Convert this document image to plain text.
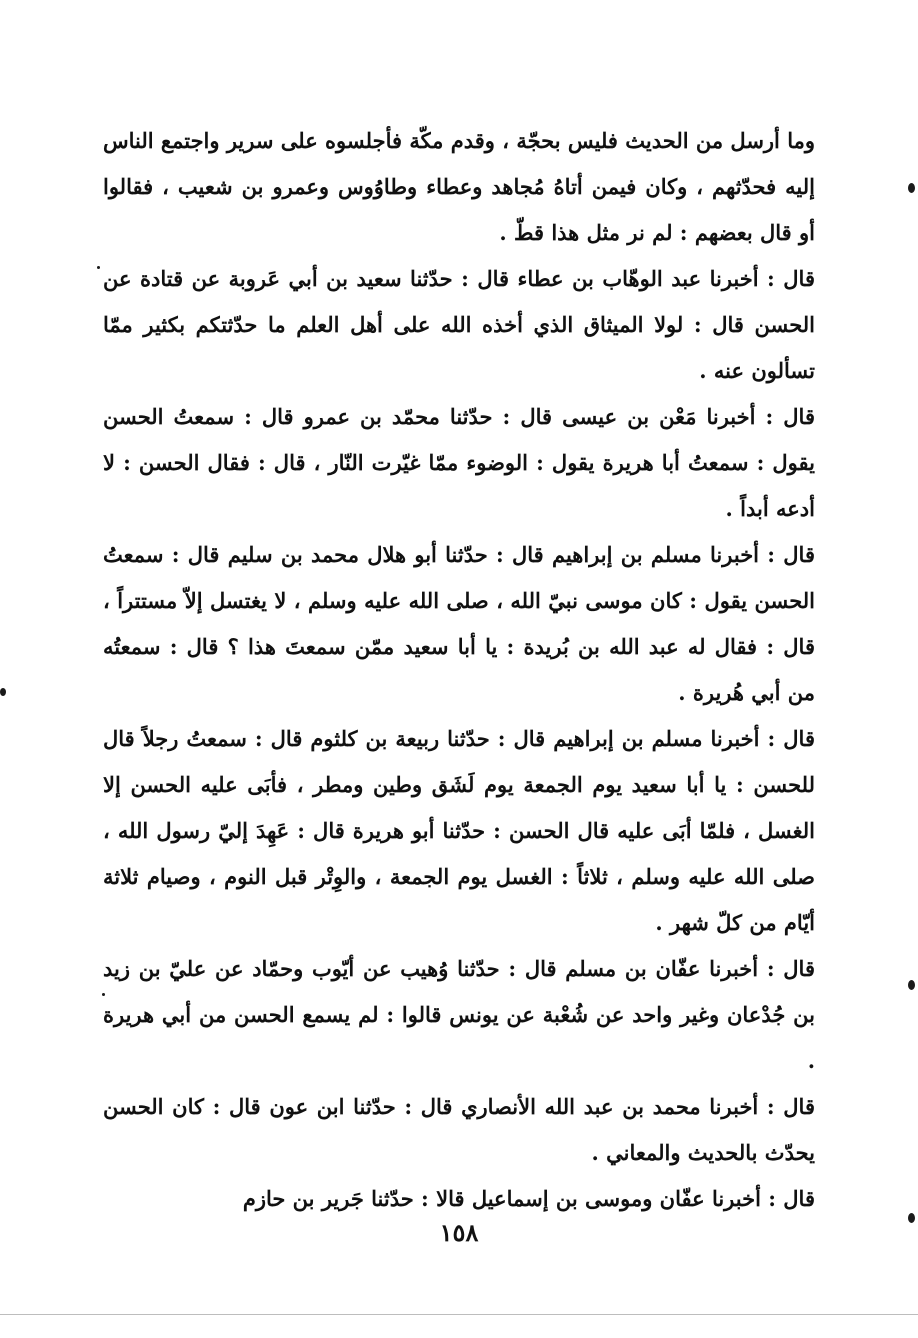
وما أرسل من الحديث فليس بحجّة ، وقدم مكّة فأجلسوه على سرير واجتمع الناس إليه فحدّثهم ، وكان فيمن أتاهُ مُجاهد وعطاء وطاوُوس وعمرو بن شعيب ، فقالوا أو قال بعضهم : لم نر مثل هذا قطّ .

قال : أخبرنا عبد الوهّاب بن عطاء قال : حدّثنا سعيد بن أبي عَروبة عن قتادة عن الحسن قال : لولا الميثاق الذي أخذه الله على أهل العلم ما حدّثتكم بكثير ممّا تسألون عنه .

قال : أخبرنا مَعْن بن عيسى قال : حدّثنا محمّد بن عمرو قال : سمعتُ الحسن يقول : سمعتُ أبا هريرة يقول : الوضوء ممّا غيّرت النّار ، قال : فقال الحسن : لا أدعه أبداً .

قال : أخبرنا مسلم بن إبراهيم قال : حدّثنا أبو هلال محمد بن سليم قال : سمعتُ الحسن يقول : كان موسى نبيّ الله ، صلى الله عليه وسلم ، لا يغتسل إلاّ مستتراً ، قال : فقال له عبد الله بن بُريدة : يا أبا سعيد ممّن سمعتَ هذا ؟ قال : سمعتُه من أبي هُريرة .

قال : أخبرنا مسلم بن إبراهيم قال : حدّثنا ربيعة بن كلثوم قال : سمعتُ رجلاً قال للحسن : يا أبا سعيد يوم الجمعة يوم لَشَق وطين ومطر ، فأبَى عليه الحسن إلا الغسل ، فلمّا أبَى عليه قال الحسن : حدّثنا أبو هريرة قال : عَهِدَ إليّ رسول الله ، صلى الله عليه وسلم ، ثلاثاً : الغسل يوم الجمعة ، والوِتْر قبل النوم ، وصيام ثلاثة أيّام من كلّ شهر .

قال : أخبرنا عفّان بن مسلم قال : حدّثنا وُهيب عن أيّوب وحمّاد عن عليّ بن زيد بن جُدْعان وغير واحد عن شُعْبة عن يونس قالوا : لم يسمع الحسن من أبي هريرة .

قال : أخبرنا محمد بن عبد الله الأنصاري قال : حدّثنا ابن عون قال : كان الحسن يحدّث بالحديث والمعاني .

قال : أخبرنا عفّان وموسى بن إسماعيل قالا : حدّثنا جَرير بن حازم

١٥٨
